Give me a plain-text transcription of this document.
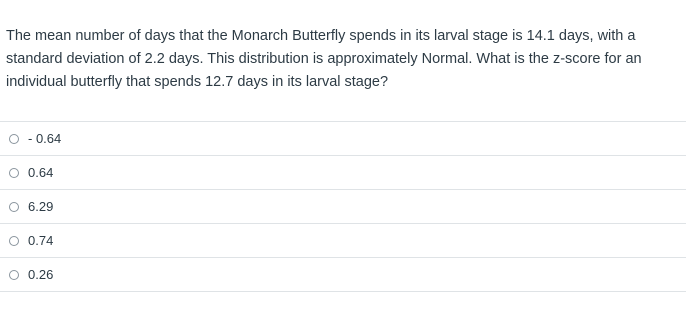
The mean number of days that the Monarch Butterfly spends in its larval stage is 14.1 days, with a standard deviation of 2.2 days. This distribution is approximately Normal. What is the z-score for an individual butterfly that spends 12.7 days in its larval stage?
- 0.64
0.64
6.29
0.74
0.26
